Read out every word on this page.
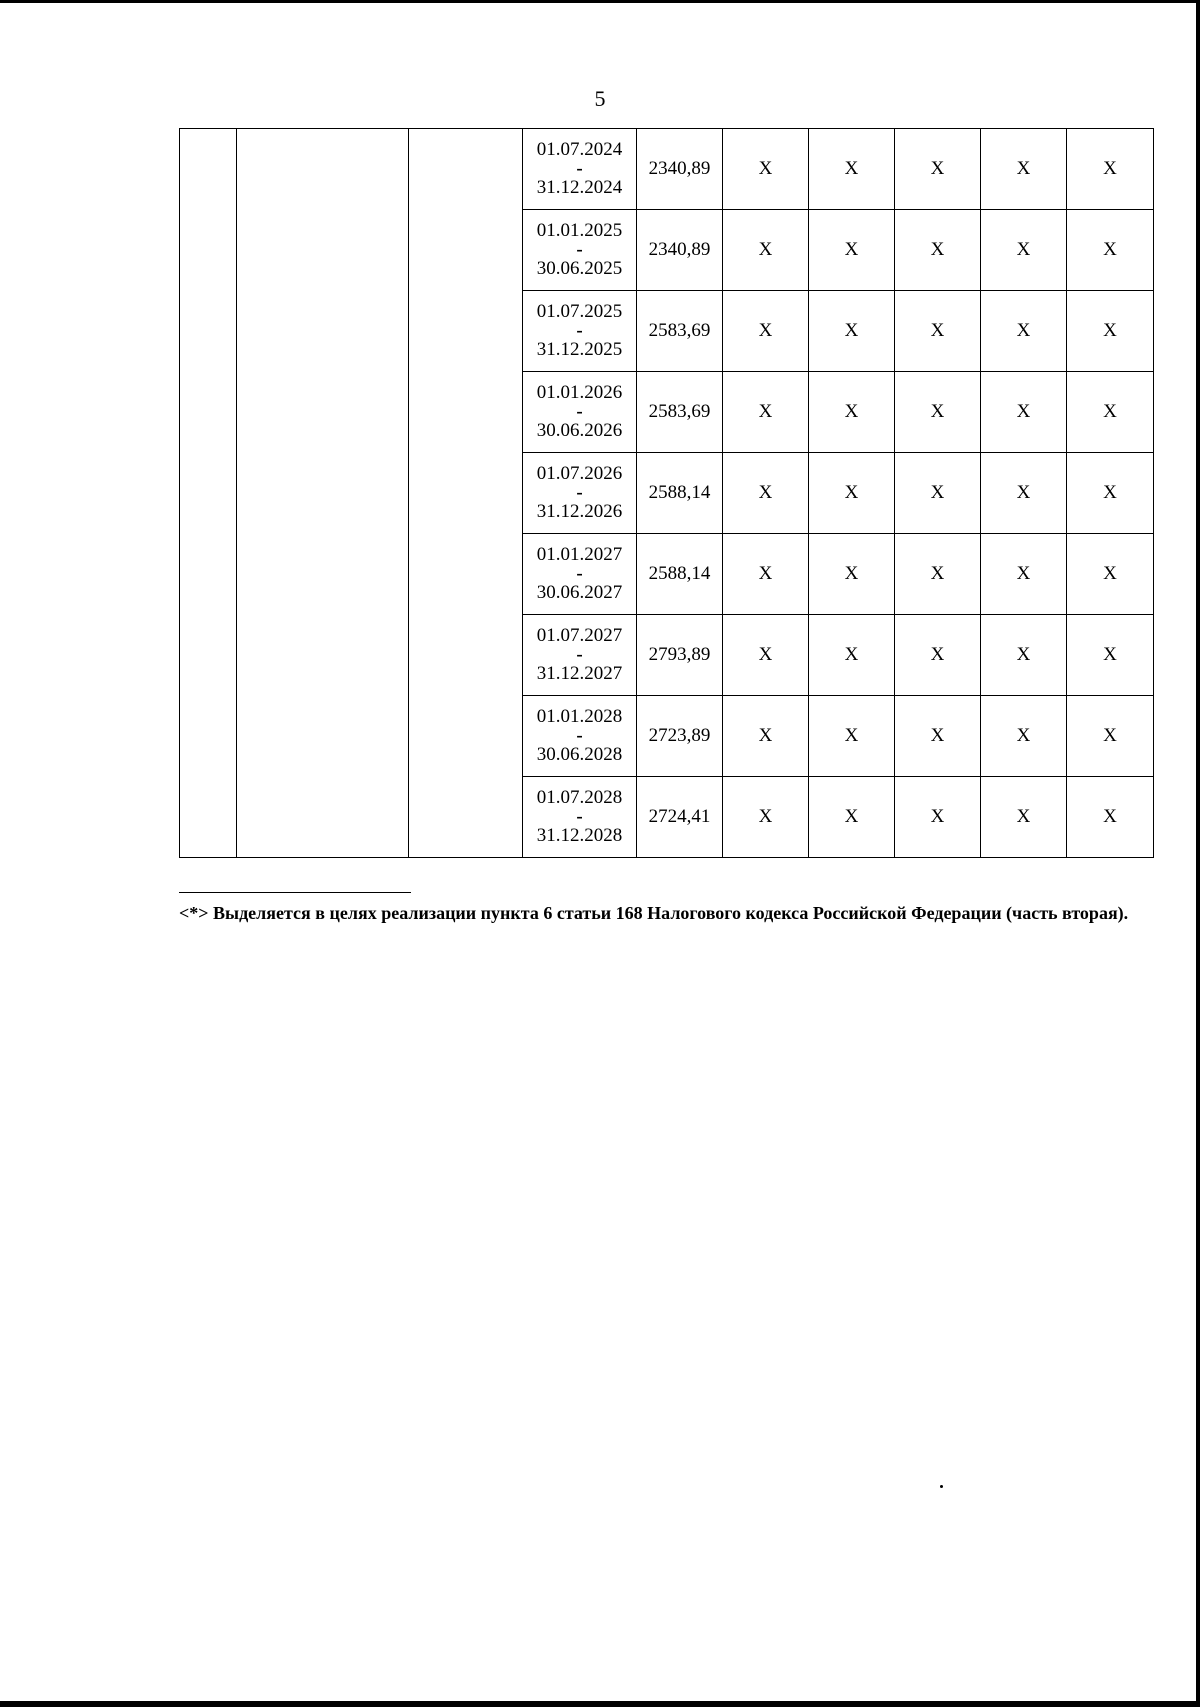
5
			01.07.2024
-
31.12.2024	2340,89	X	X	X	X	X
			01.01.2025
-
30.06.2025	2340,89	X	X	X	X	X
			01.07.2025
-
31.12.2025	2583,69	X	X	X	X	X
			01.01.2026
-
30.06.2026	2583,69	X	X	X	X	X
			01.07.2026
-
31.12.2026	2588,14	X	X	X	X	X
			01.01.2027
-
30.06.2027	2588,14	X	X	X	X	X
			01.07.2027
-
31.12.2027	2793,89	X	X	X	X	X
			01.01.2028
-
30.06.2028	2723,89	X	X	X	X	X
			01.07.2028
-
31.12.2028	2724,41	X	X	X	X	X
<*> Выделяется в целях реализации пункта 6 статьи 168 Налогового кодекса Российской Федерации (часть вторая).
